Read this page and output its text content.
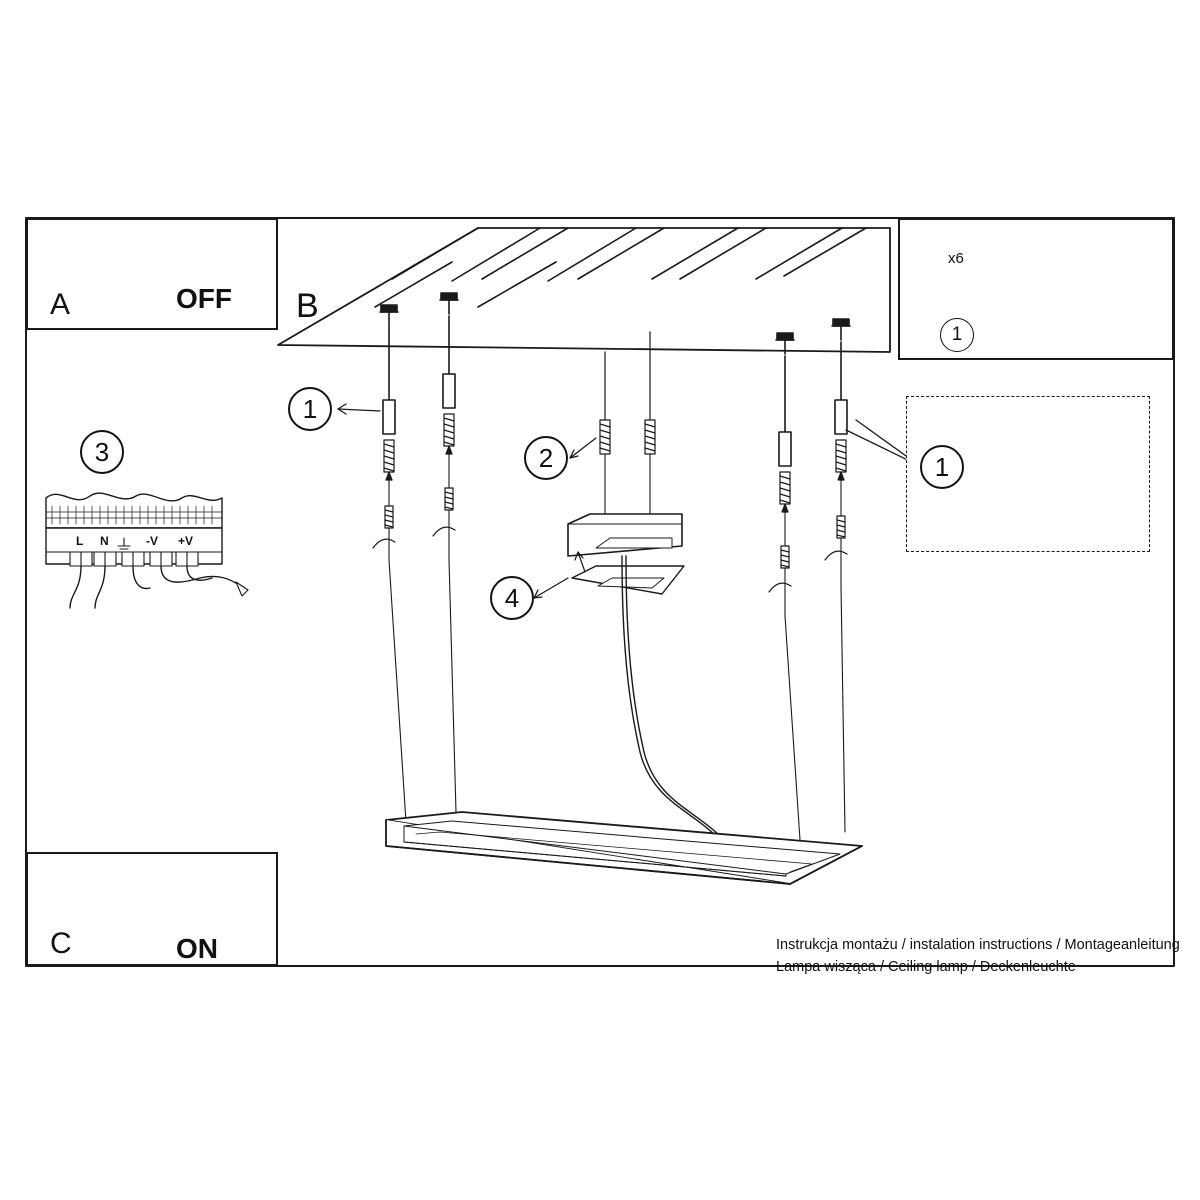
A	OFF
C	ON
B
3
1
1
1
2
4
x6
L N	-V +V
Instrukcja montażu / instalation instructions / Montageanleitung
Lampa wisząca / Ceiling lamp / Deckenleuchte
